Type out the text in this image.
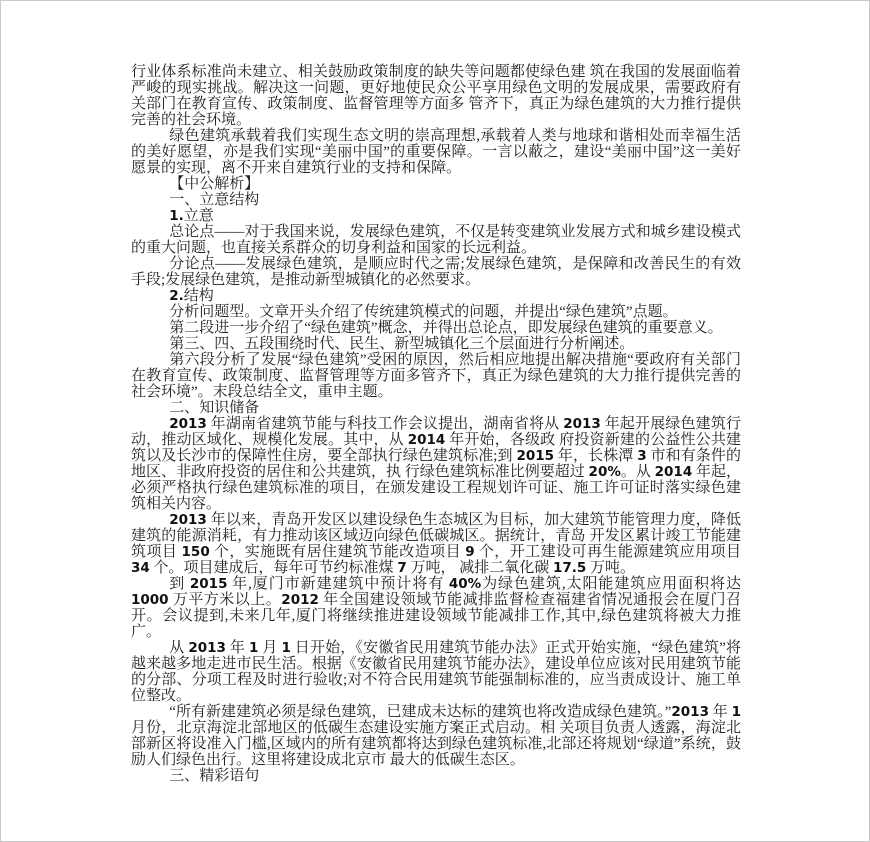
行业体系标准尚未建立、相关鼓励政策制度的缺失等问题都使绿色建 筑在我国的发展面临着严峻的现实挑战。解决这一问题，更好地使民众公平享用绿色文明的发展成果，需要政府有关部门在教育宣传、政策制度、监督管理等方面多 管齐下，真正为绿色建筑的大力推行提供完善的社会环境。

绿色建筑承载着我们实现生态文明的崇高理想,承载着人类与地球和谐相处而幸福生活的美好愿望，亦是我们实现“美丽中国”的重要保障。一言以蔽之，建设“美丽中国”这一美好愿景的实现，离不开来自建筑行业的支持和保障。

【中公解析】

一、立意结构

1.立意

总论点——对于我国来说，发展绿色建筑，不仅是转变建筑业发展方式和城乡建设模式的重大问题，也直接关系群众的切身利益和国家的长远利益。

分论点——发展绿色建筑，是顺应时代之需;发展绿色建筑，是保障和改善民生的有效手段;发展绿色建筑，是推动新型城镇化的必然要求。

2.结构

分析问题型。文章开头介绍了传统建筑模式的问题，并提出“绿色建筑”点题。

第二段进一步介绍了“绿色建筑”概念，并得出总论点，即发展绿色建筑的重要意义。

第三、四、五段围绕时代、民生、新型城镇化三个层面进行分析阐述。

第六段分析了发展“绿色建筑”受困的原因，然后相应地提出解决措施“要政府有关部门在教育宣传、政策制度、监督管理等方面多管齐下，真正为绿色建筑的大力推行提供完善的社会环境”。末段总结全文，重申主题。

二、知识储备

2013 年湖南省建筑节能与科技工作会议提出，湖南省将从 2013 年起开展绿色建筑行动，推动区域化、规模化发展。其中，从 2014 年开始，各级政 府投资新建的公益性公共建筑以及长沙市的保障性住房，要全部执行绿色建筑标准;到 2015 年，长株潭 3 市和有条件的地区、非政府投资的居住和公共建筑，执 行绿色建筑标准比例要超过 20%。从 2014 年起，必须严格执行绿色建筑标准的项目，在颁发建设工程规划许可证、施工许可证时落实绿色建筑相关内容。

2013 年以来，青岛开发区以建设绿色生态城区为目标，加大建筑节能管理力度，降低建筑的能源消耗，有力推动该区域迈向绿色低碳城区。据统计，青岛 开发区累计竣工节能建筑项目 150 个，实施既有居住建筑节能改造项目 9 个，开工建设可再生能源建筑应用项目 34 个。项目建成后，每年可节约标准煤 7 万吨， 减排二氧化碳 17.5 万吨。

到 2015 年,厦门市新建建筑中预计将有 40%为绿色建筑,太阳能建筑应用面积将达 1000 万平方米以上。2012 年全国建设领域节能减排监督检查福建省情况通报会在厦门召开。会议提到,未来几年,厦门将继续推进建设领域节能减排工作,其中,绿色建筑将被大力推广。

从 2013 年 1 月 1 日开始，《安徽省民用建筑节能办法》正式开始实施，“绿色建筑”将越来越多地走进市民生活。根据《安徽省民用建筑节能办法》，建设单位应该对民用建筑节能的分部、分项工程及时进行验收;对不符合民用建筑节能强制标准的，应当责成设计、施工单位整改。

“所有新建建筑必须是绿色建筑，已建成未达标的建筑也将改造成绿色建筑。”2013 年 1 月份，北京海淀北部地区的低碳生态建设实施方案正式启动。相 关项目负责人透露，海淀北部新区将设准入门槛,区域内的所有建筑都将达到绿色建筑标准,北部还将规划“绿道”系统，鼓励人们绿色出行。这里将建设成北京市 最大的低碳生态区。

三、精彩语句
